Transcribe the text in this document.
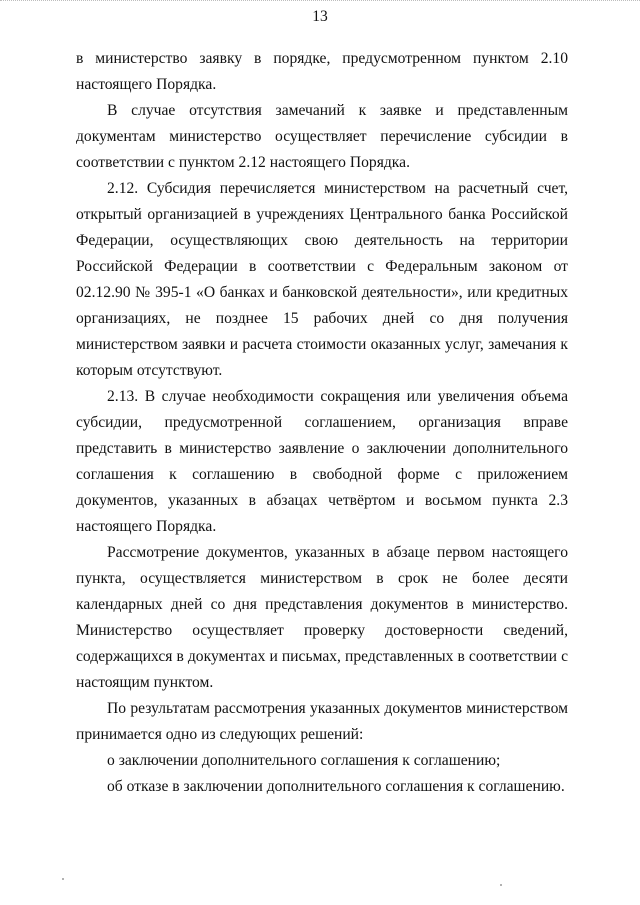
13

в министерство заявку в порядке, предусмотренном пунктом 2.10 настоящего Порядка.

В случае отсутствия замечаний к заявке и представленным документам министерство осуществляет перечисление субсидии в соответствии с пунктом 2.12 настоящего Порядка.

2.12. Субсидия перечисляется министерством на расчетный счет, открытый организацией в учреждениях Центрального банка Российской Федерации, осуществляющих свою деятельность на территории Российской Федерации в соответствии с Федеральным законом от 02.12.90 № 395-1 «О банках и банковской деятельности», или кредитных организациях, не позднее 15 рабочих дней со дня получения министерством заявки и расчета стоимости оказанных услуг, замечания к которым отсутствуют.

2.13. В случае необходимости сокращения или увеличения объема субсидии, предусмотренной соглашением, организация вправе представить в министерство заявление о заключении дополнительного соглашения к соглашению в свободной форме с приложением документов, указанных в абзацах четвёртом и восьмом пункта 2.3 настоящего Порядка.

Рассмотрение документов, указанных в абзаце первом настоящего пункта, осуществляется министерством в срок не более десяти календарных дней со дня представления документов в министерство. Министерство осуществляет проверку достоверности сведений, содержащихся в документах и письмах, представленных в соответствии с настоящим пунктом.

По результатам рассмотрения указанных документов министерством принимается одно из следующих решений:

о заключении дополнительного соглашения к соглашению;

об отказе в заключении дополнительного соглашения к соглашению.
